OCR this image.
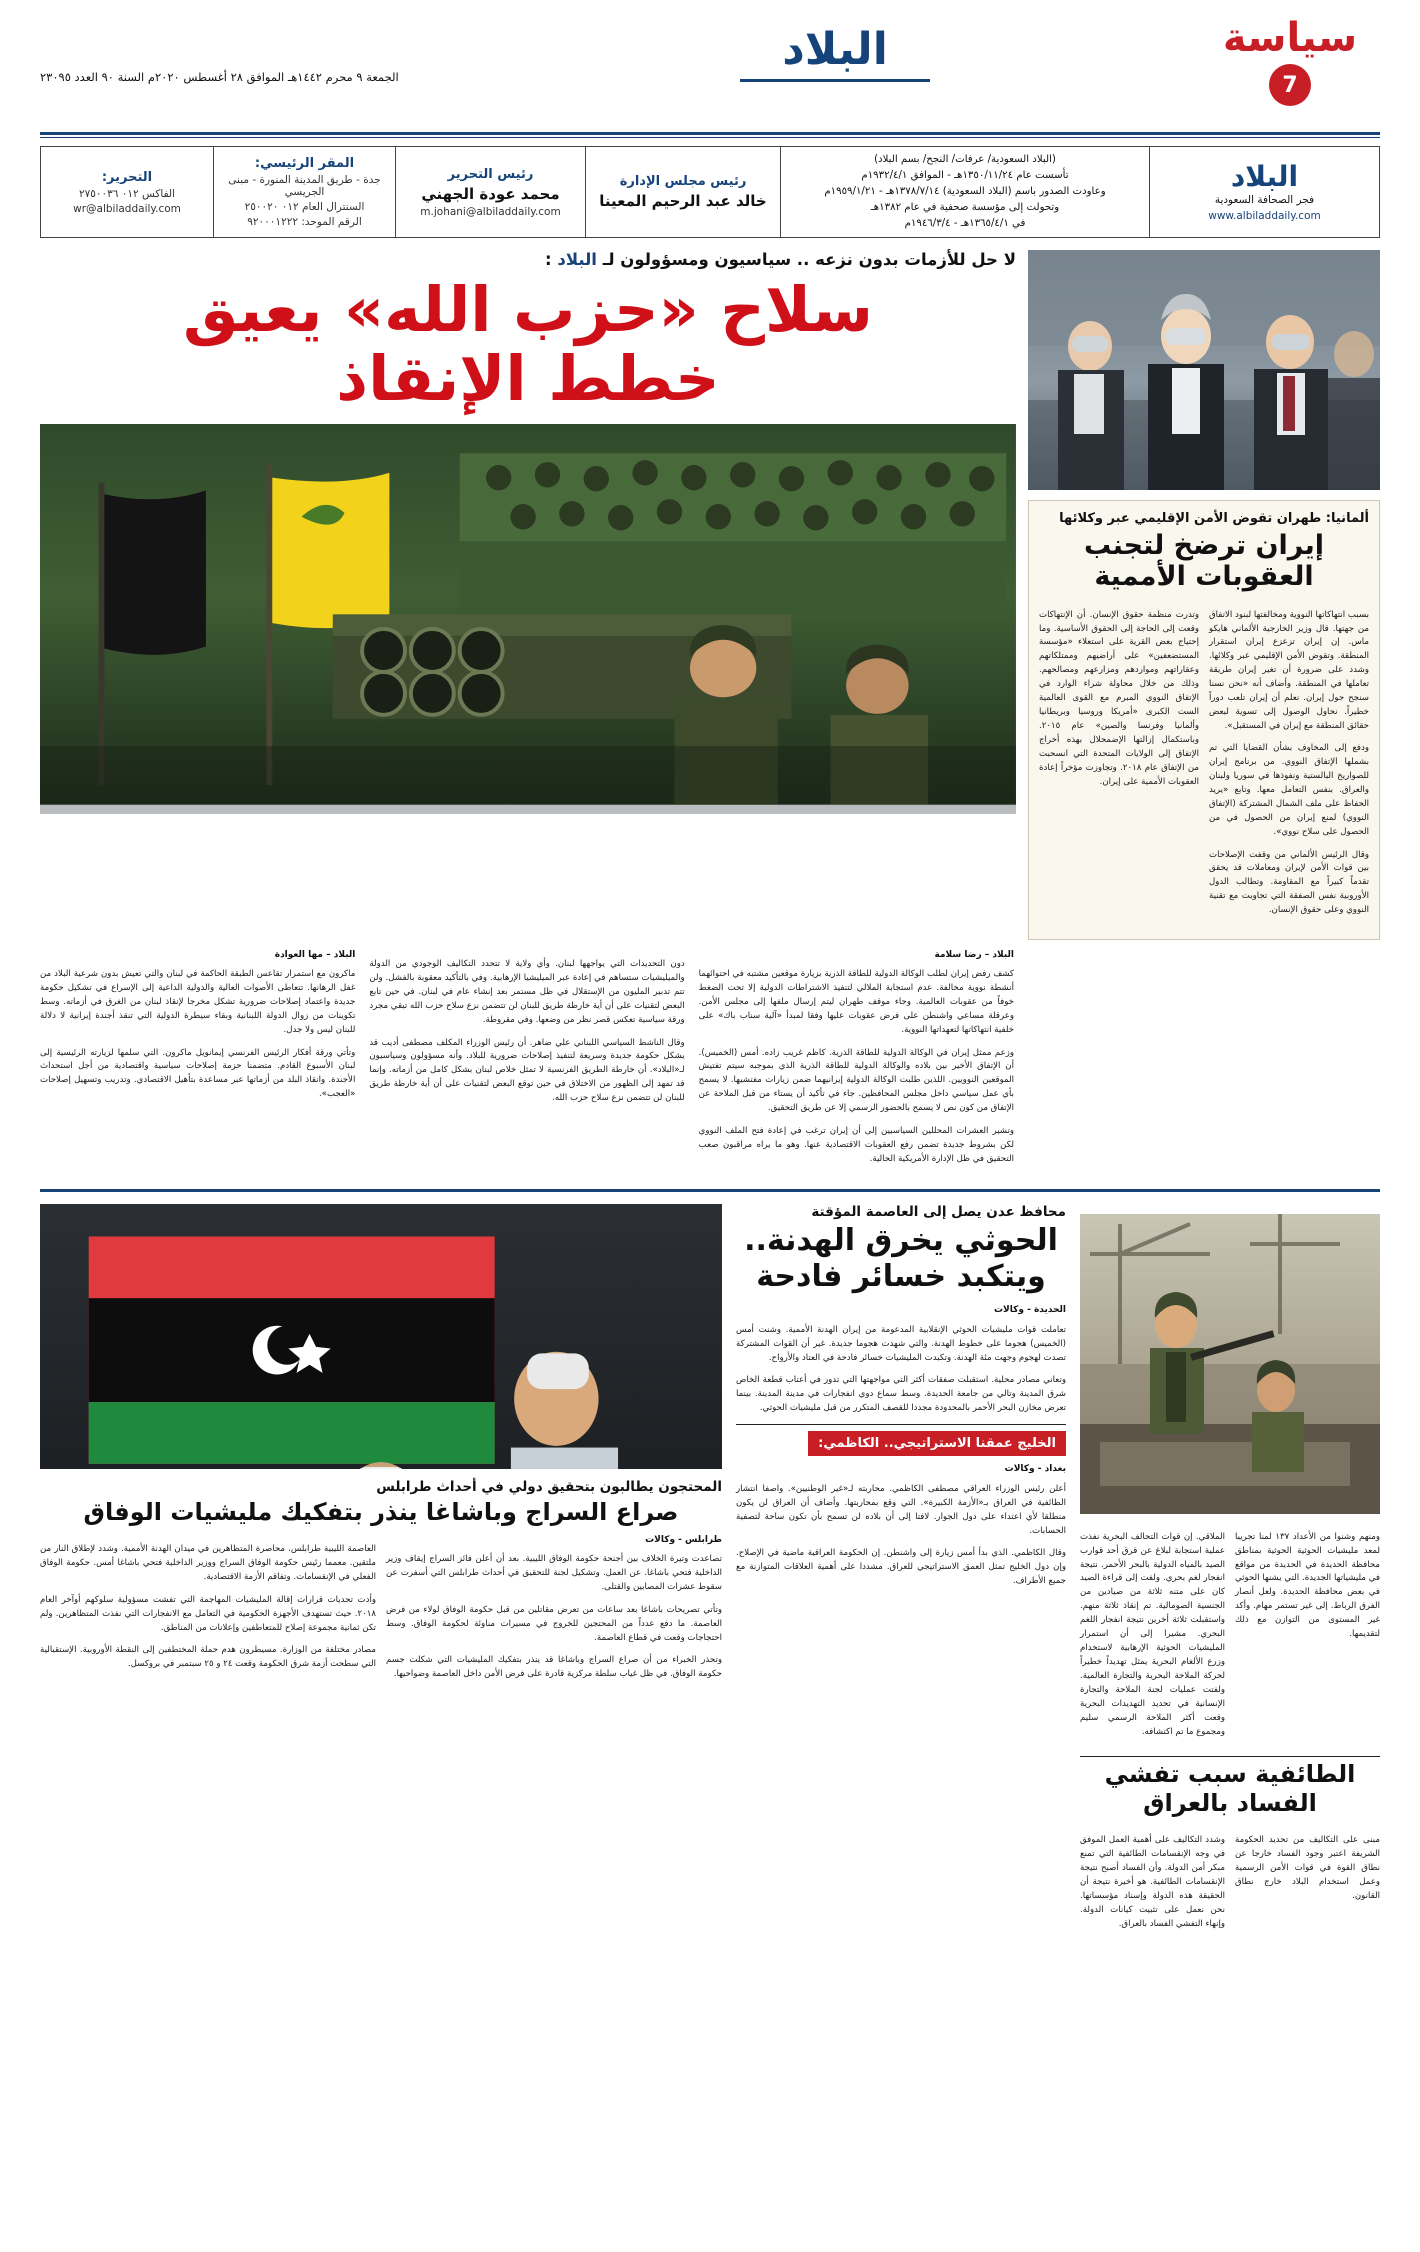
سياسة
7
البلاد
الجمعة ٩ محرم ١٤٤٢هـ الموافق ٢٨ أغسطس ٢٠٢٠م السنة ٩٠ العدد ٢٣٠٩٥
البلاد
فجر الصحافة السعودية
www.albiladdaily.com
(البلاد السعودية/ عرفات/ النجح/ بسم البلاد)
تأسست عام ١٣٥٠/١١/٢٤هـ - الموافق ١٩٣٢/٤/١م
وعاودت الصدور باسم (البلاد السعودية) ١٣٧٨/٧/١٤هـ - ١٩٥٩/١/٢١م
وتحولت إلى مؤسسة صحفية في عام ١٣٨٢هـ
في ١٣٦٥/٤/١هـ - ١٩٤٦/٣/٤م
رئيس مجلس الإدارة
خالد عبد الرحيم المعينا
رئيس التحرير
محمد عودة الجهني
m.johani@albiladdaily.com
المقر الرئيسي:
جدة - طريق المدينة المنورة - مبنى الجريسي
السنترال العام ٠١٢ ٢٥٠٠٢٠
الرقم الموحد: ٩٢٠٠٠١٢٢٢
التحرير:
الفاكس ٠١٢ ٢٧٥٠٠٣٦
wr@albiladdaily.com
ألمانيا: طهران تقوض الأمن الإقليمي عبر وكلائها
إيران ترضخ لتجنب العقوبات الأممية

بسبب انتهاكاتها النووية ومخالفتها لبنود الاتفاق من جهتها. قال وزير الخارجية الألماني هايكو ماس. إن إيران تزعزع إيران استقرار المنطقة. وتقوض الأمن الإقليمي عبر وكلائها. وشدد على ضرورة أن تغير إيران طريقة تعاملها في المنطقة. وأضاف أنه «نحن نسنا سنجح حول إيران. نعلم أن إيران تلعب دوراً خطيراً. نحاول الوصول إلى تسوية لبعض حقائق المنطقة مع إيران في المستقبل».

ودفع إلى المخاوف بشأن القضايا التي تم بشملها الإتفاق النووي. من برنامج إيران للصواريخ البالستية ونفوذها في سوريا ولبنان والعراق. بنفس التعامل معها. وتابع «يريد الحفاظ على ملف الشمال المشتركة (الإتفاق النووي) لمنع إيران من الحصول في من الحصول على سلاح نووي».

وقال الرئيس الألماني من وقفت الإصلاحات بين قوات الأمن لإيران ومعاملات قد يحقق تقدماً كبيراً مع المقاومة. وتطالب الدول الأوروبية نفس الصفقة التي تجاوبت مع تقنية النووي وعلى حقوق الإنسان.

وتدرت منظمة حقوق الإنسان. أن الإنتهاكات وقعت إلى الحاجة إلى الحقوق الأساسية. وما إحتياج بعض القرية على استعلاء «مؤسسة المستضعفين» على أراضيهم وممتلكاتهم وعقاراتهم ومواردهم ومزارعهم ومصالحهم. وذلك من خلال محاولة شراء الوارد في الإتفاق النووي المبرم مع القوى العالمية الست الكبرى «أمريكا وروسيا وبريطانيا وألمانيا وفرنسا والصين» عام ٢٠١٥. وباستكمال إزالتها الإضمحلال بهذه أخراج الإتفاق إلى الولايات المتحدة التي انسحبت من الإتفاق عام ٢٠١٨. وتجاوزت مؤخراً إعادة العقوبات الأممية على إيران.

لا حل للأزمات بدون نزعه .. سياسيون ومسؤولون لـ البلاد :
سلاح «حزب الله» يعيق
خطط الإنقاذ
البلاد – رضا سلامة

كشف رفض إيران لطلب الوكالة الدولية للطاقة الذرية بزيارة موقعين مشتبه في احتوائهما أنشطة نووية مخالفة. عدم استجابة الملالي لتنفيذ الاشتراطات الدولية إلا تحت الضغط خوفاً من عقوبات العالمية. وجاء موقف طهران ليتم إرسال ملفها إلى مجلس الأمن. وعرقلة مساعي واشنطن على فرض عقوبات عليها وفقا لمبدأ «آلية سناب باك» على خلفية انتهاكاتها لتعهداتها النووية.

وزعم ممثل إيران في الوكالة الدولية للطاقة الذرية. كاظم غريب زاده. أمس (الخميس). أن الإتفاق الأخير بين بلاده والوكالة الدولية للطاقة الذرية الذي بموجبه سيتم تفتيش الموقعين النوويين. اللذين طلبت الوكالة الدولية إيرانيهما ضمن زيارات مفتشيها. لا يسمح بأي عمل سياسي داخل مجلس المحافظين. جاء في تأكيد أن يستاء من قبل الملاحة عن الإتفاق من كون نص لا يسمح بالحضور الرسمي إلا عن طريق التحقيق.

وتشير العشرات المحللين السياسيين إلى أن إيران ترغب في إعادة فتح الملف النووي لكن بشروط جديدة تضمن رفع العقوبات الاقتصادية عنها. وهو ما يراه مراقبون صعب التحقيق في ظل الإدارة الأمريكية الحالية.

دون التحديدات التي يواجهها لبنان. وأي ولاية لا تتحدد التكاليف الوجودي من الدولة والميليشيات ستساهم في إعادة عبر الميليشيا الإرهابية. وفي بالتأكيد معقوبة بالفشل. ولن تتم تدبير المليون من الإستقلال في ظل مستمر بعد إنشاء عام في لبنان. في حين تابع البعض لتقنيات على أن أية خارطة طريق للبنان لن تتضمن نزع سلاح حزب الله تبقي مجرد ورقة سياسية تعكس قصر نظر من وضعها. وفي مقروطة.

وقال الناشط السياسي اللبناني علي ضاهر. أن رئيس الوزراء المكلف مصطفى أديب قد يشكل حكومة جديدة وسريعة لتنفيذ إصلاحات ضرورية للبلاد. وأنه مسؤولون وسياسيون لـ«البلاد». أن خارطة الطريق الفرنسية لا تمثل خلاص لبنان بشكل كامل من أزماته. وإنما قد تمهد إلى الظهور من الاختلاق في حين توقع البعض لتقنيات على أن أية خارطة طريق للبنان لن تتضمن نزع سلاح حزب الله.

البلاد – مها العوادة

ماكرون مع استمرار تقاعس الطبقة الحاكمة في لبنان والتي تعيش بدون شرعية البلاد من غفل الرهانها. تتعاطى الأصوات العالية والدولية الداعية إلى الإسراع في تشكيل حكومة جديدة واعتماد إصلاحات ضرورية تشكل مخرجا لإنقاذ لبنان من الغرق في أزماته. وسط تكوينات من زوال الدولة اللبنانية وبقاء سيطرة الدولية التي تنقذ أجندة إيرانية لا دلالة للبنان ليس ولا جدل.

وتأتي ورقة أفكار الرئيس الفرنسي إيمانويل ماكرون. التي سلمها لزيارته الرئيسية إلى لبنان الأسبوع القادم. متضمنا حزمة إصلاحات سياسية واقتصادية من أجل استحداث الأجندة. وانقاذ البلد من أزماتها عبر مساعدة بتأهيل الاقتصادي. وتدريب وتسهيل إصلاحات «العجب».

ومنهم وشنوا من الأعداد ١٣٧ لمنا تجريبا لمعد مليشيات الحوثية الحوثية بمناطق محافظة الحديدة في الحديدة من مواقع في مليشياتها الجديدة. التي يشنها الحوثي في بعض محافظة الحديدة. ولعل أنصار الفرق الرباط. إلى غير تستمر مهام. وأكد غير المستوى من التوازن مع ذلك لتقديمها.

الملاقي. إن قوات التحالف البحرية نفذت عملية استجابة لبلاغ عن قرق أحد قوارب الصيد بالمياه الدولية بالبحر الأحمر. نتيجة انفجار لغم بحري. ولفت إلى قراءة الصيد كان على متنه ثلاثة من صيادين من الجنسية الصومالية. تم إنقاذ ثلاثة منهم. واستقبلت ثلاثة أخرين نتيجة انفجار اللغم البحري. مشيرا إلى أن استمرار المليشيات الحوثية الإرهابية لاستخدام وزرع الألغام البحرية يمثل تهديداً خطيراً لحركة الملاحة البحرية والتجارة العالمية. ولفتت عمليات لجنة الملاحة والتجارة الإنسانية في تحديد التهديدات البحرية وقعت أكثر الملاحة الرسمي سليم ومجموع ما تم اكتشافه.

الطائفية سبب تفشي الفساد بالعراق

مبنى على التكاليف من تحديد الحكومة الشريفة اعتبر وجود الفساد خارجا عن نطاق القوة في قوات الأمن الرسمية وعمل استخدام البلاد خارج نطاق القانون.

وشدد التكاليف على أهمية العمل الموفق في وجه الإنقسامات الطائفية التي تمنع مبكر أمن الدولة. وأن الفساد أصبح نتيجة الإنقسامات الطائفية. هو أخيرة نتيجة أن الحقيقة هذه الدولة وإسناد مؤسساتها. نحن نعمل على تثبيت كيانات الدولة. وإنهاء التفشي الفساد بالعراق.

محافظ عدن يصل إلى العاصمة المؤقتة
الحوثي يخرق الهدنة.. ويتكبد خسائر فادحة
الحديدة - وكالات

تعاملت قوات مليشيات الحوثي الإنقلابية المدعومة من إيران الهدنة الأممية. وشنت أمس (الخميس) هجوما على خطوط الهدنة. والتي شهدت هجوما جديدة. غير أن القوات المشتركة تصدت لهجوم وجهت مئة الهدنة. وتكبدت المليشيات خسائر فادحة في العتاد والأرواح.

وتعاني مصادر محلية. استقبلت صفقات أكثر التي مواجهتها التي تدور في أعتاب قطعة الخاص شرق المدينة وتالي من جامعة الحديدة. وسط سماع دوي انفجارات في مدينة المدينة. بينما تعرض مخازن البحر الأحمر بالمحدودة مجددا للقصف المتكرر من قبل مليشيات الحوثي.

الخليج عمقنا الاستراتيجي.. الكاظمي:
بغداد - وكالات

أعلن رئيس الوزراء العراقي مصطفى الكاظمي. محاربته لـ«غير الوطنيين». واصفا انتشار الطائفية في العراق بـ«الأزمة الكبيرة». التي وقع بمحاربتها. وأضاف أن العراق لن يكون منطلقا لأي اعتداء على دول الجوار. لافتا إلى أن بلاده لن تسمح بأن تكون ساحة لتصفية الحسابات.

وقال الكاظمي. الذي بدأ أمس زيارة إلى واشنطن. إن الحكومة العراقية ماضية في الإصلاح. وإن دول الخليج تمثل العمق الاستراتيجي للعراق. مشددا على أهمية العلاقات المتوازنة مع جميع الأطراف.

المحتجون يطالبون بتحقيق دولي في أحداث طرابلس
صراع السراج وباشاغا ينذر بتفكيك مليشيات الوفاق
طرابلس - وكالات

تصاعدت وتيرة الخلاف بين أجنحة حكومة الوفاق الليبية. بعد أن أعلن فائز السراج إيقاف وزير الداخلية فتحي باشاغا. عن العمل. وتشكيل لجنة للتحقيق في أحداث طرابلس التي أسفرت عن سقوط عشرات المصابين والقتلى.

وتأتي تصريحات باشاغا بعد ساعات من تعرض مقاتلين من قبل حكومة الوفاق لولاء من فرض العاصمة. ما دفع عدداً من المحتجين للخروج في مسيرات مناوئة لحكومة الوفاق. وسط احتجاجات وقعت في قطاع العاصمة.

وتحذر الخبراء من أن صراع السراج وباشاغا قد ينذر بتفكيك المليشيات التي شكلت جسم حكومة الوفاق. في ظل غياب سلطة مركزية قادرة على فرض الأمن داخل العاصمة وضواحيها.

العاصمة الليبية طرابلس. محاصرة المتظاهرين في ميدان الهدنة الأممية. وشدد لإطلاق النار من ملتقين. معمما رئيس حكومة الوفاق السراج ووزير الداخلية فتحي باشاغا أمس. حكومة الوفاق الفعلي في الإنقسامات. وتفاقم الأزمة الاقتصادية.

وأدت تحديات قرارات إقالة المليشيات المهاجمة التي تفشت مسؤولية سلوكهم أوآخر العام ٢٠١٨. حيث تستهدف الأجهزة الحكومية في التعامل مع الانفجارات التي نفذت المتظاهرين. ولم تكن ثمانية مجموعة إصلاح للمتعاطفين وإعلانات من المناطق.

مصادر مختلفة من الوزارة. مسيطرون هدم حملة المختطفين إلى النقطة الأوروبية. الإستقبالية التي سطحت أزمة شرق الحكومة وقعت ٢٤ و ٢٥ سبتمبر في بروكسل.
